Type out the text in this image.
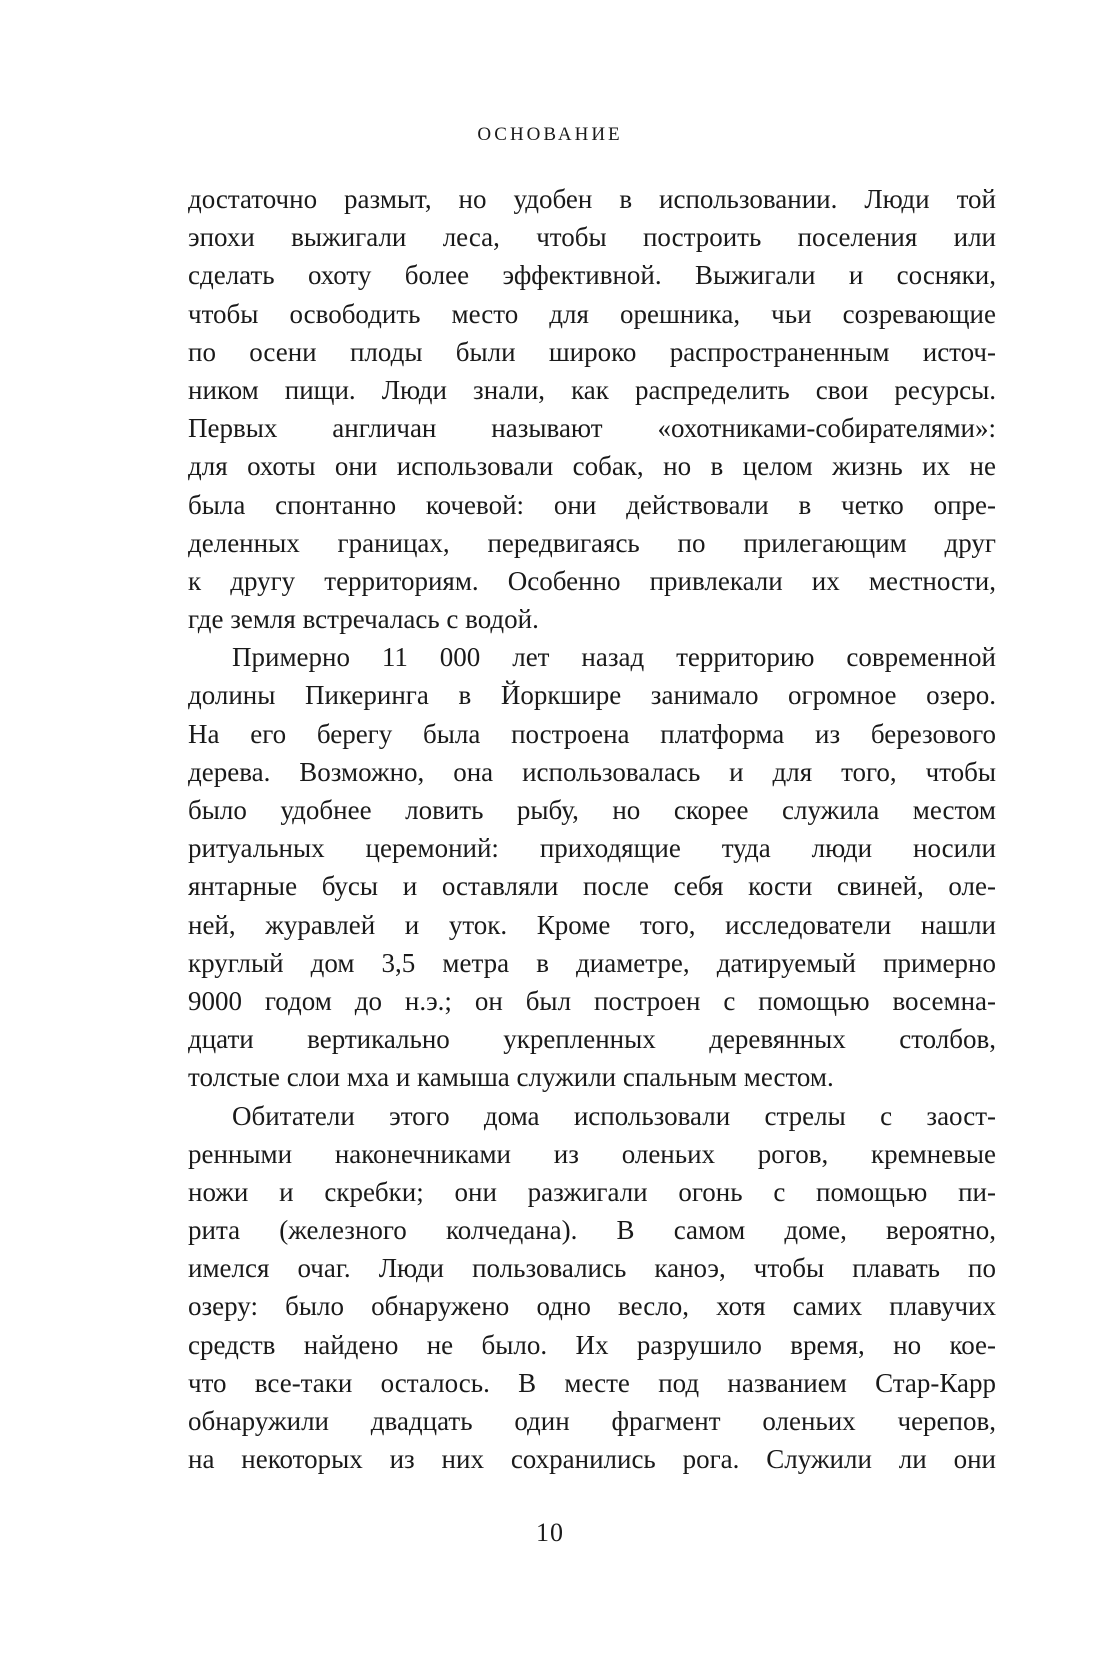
ОСНОВАНИЕ
достаточно размыт, но удобен в использовании. Люди той
эпохи выжигали леса, чтобы построить поселения или
сделать охоту более эффективной. Выжигали и сосняки,
чтобы освободить место для орешника, чьи созревающие
по осени плоды были широко распространенным источ-
ником пищи. Люди знали, как распределить свои ресурсы.
Первых англичан называют «охотниками-собирателями»:
для охоты они использовали собак, но в целом жизнь их не
была спонтанно кочевой: они действовали в четко опре-
деленных границах, передвигаясь по прилегающим друг
к другу территориям. Особенно привлекали их местности,
где земля встречалась с водой.
Примерно 11 000 лет назад территорию современной
долины Пикеринга в Йоркшире занимало огромное озеро.
На его берегу была построена платформа из березового
дерева. Возможно, она использовалась и для того, чтобы
было удобнее ловить рыбу, но скорее служила местом
ритуальных церемоний: приходящие туда люди носили
янтарные бусы и оставляли после себя кости свиней, оле-
ней, журавлей и уток. Кроме того, исследователи нашли
круглый дом 3,5 метра в диаметре, датируемый примерно
9000 годом до н.э.; он был построен с помощью восемна-
дцати вертикально укрепленных деревянных столбов,
толстые слои мха и камыша служили спальным местом.
Обитатели этого дома использовали стрелы с заост-
ренными наконечниками из оленьих рогов, кремневые
ножи и скребки; они разжигали огонь с помощью пи-
рита (железного колчедана). В самом доме, вероятно,
имелся очаг. Люди пользовались каноэ, чтобы плавать по
озеру: было обнаружено одно весло, хотя самих плавучих
средств найдено не было. Их разрушило время, но кое-
что все-таки осталось. В месте под названием Стар-Карр
обнаружили двадцать один фрагмент оленьих черепов,
на некоторых из них сохранились рога. Служили ли они
10
